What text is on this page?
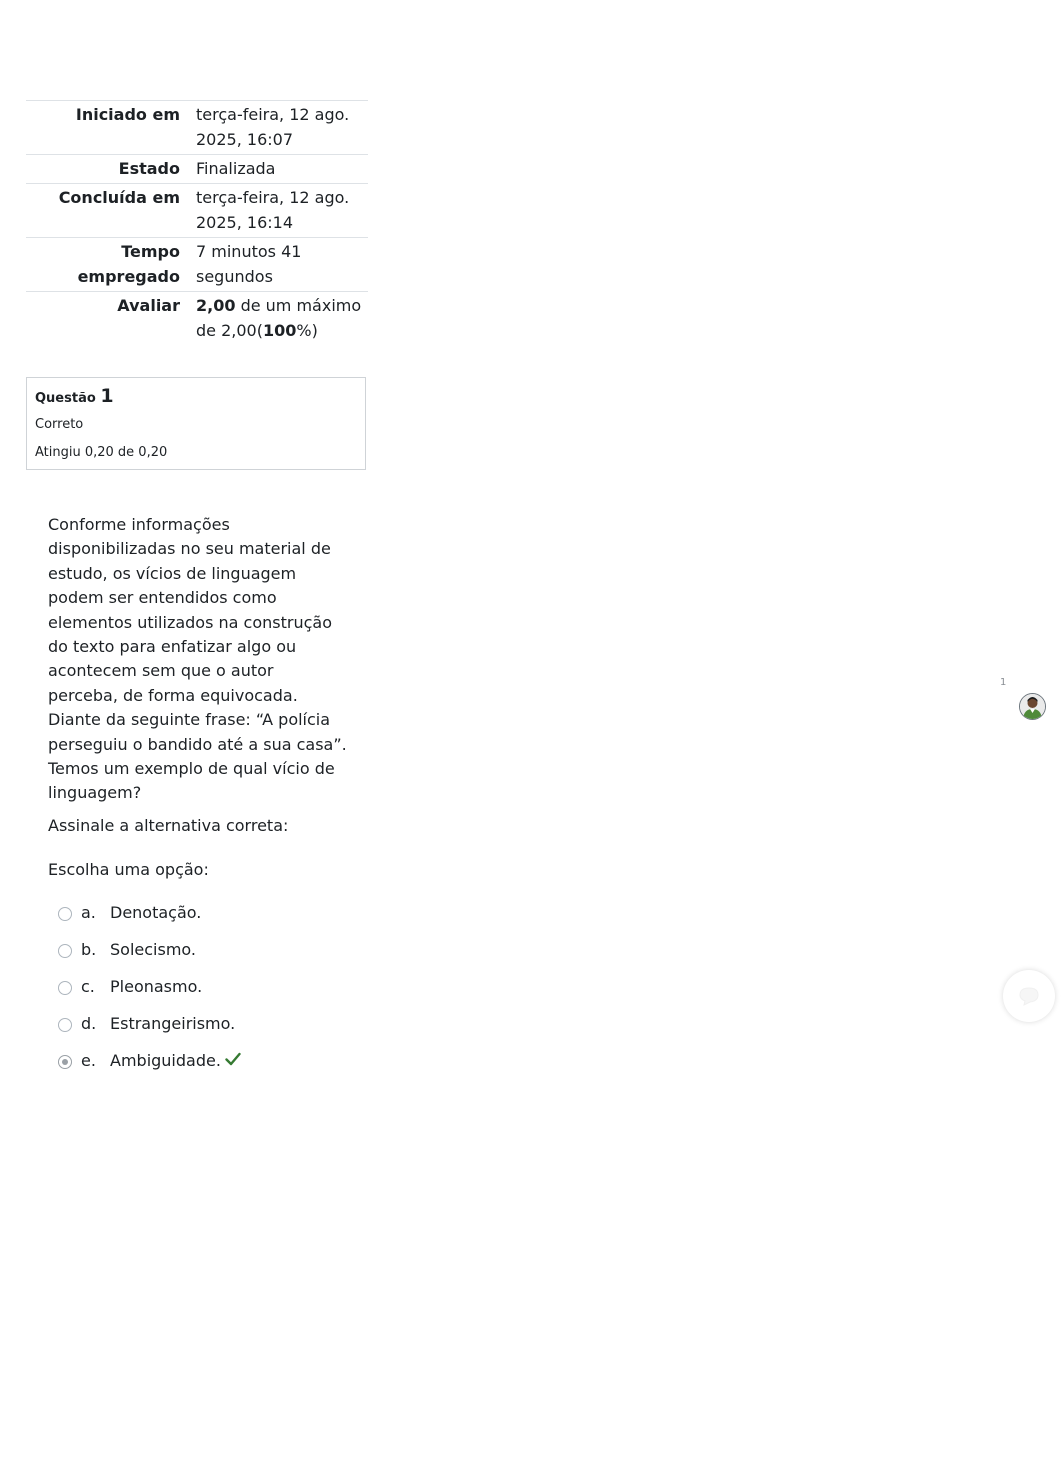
Iniciado em	terça-feira, 12 ago. 2025, 16:07
Estado	Finalizada
Concluída em	terça-feira, 12 ago. 2025, 16:14
Tempo empregado	7 minutos 41 segundos
Avaliar	2,00 de um máximo de 2,00(100%)
Questão 1
Correto
Atingiu 0,20 de 0,20

Conforme informações disponibilizadas no seu material de estudo, os vícios de linguagem podem ser entendidos como elementos utilizados na construção do texto para enfatizar algo ou acontecem sem que o autor perceba, de forma equivocada. Diante da seguinte frase: “A polícia perseguiu o bandido até a sua casa”. Temos um exemplo de qual vício de linguagem?

Assinale a alternativa correta:

Escolha uma opção:
a. Denotação.
b. Solecismo.
c. Pleonasmo.
d. Estrangeirismo.
e. Ambiguidade.
1
